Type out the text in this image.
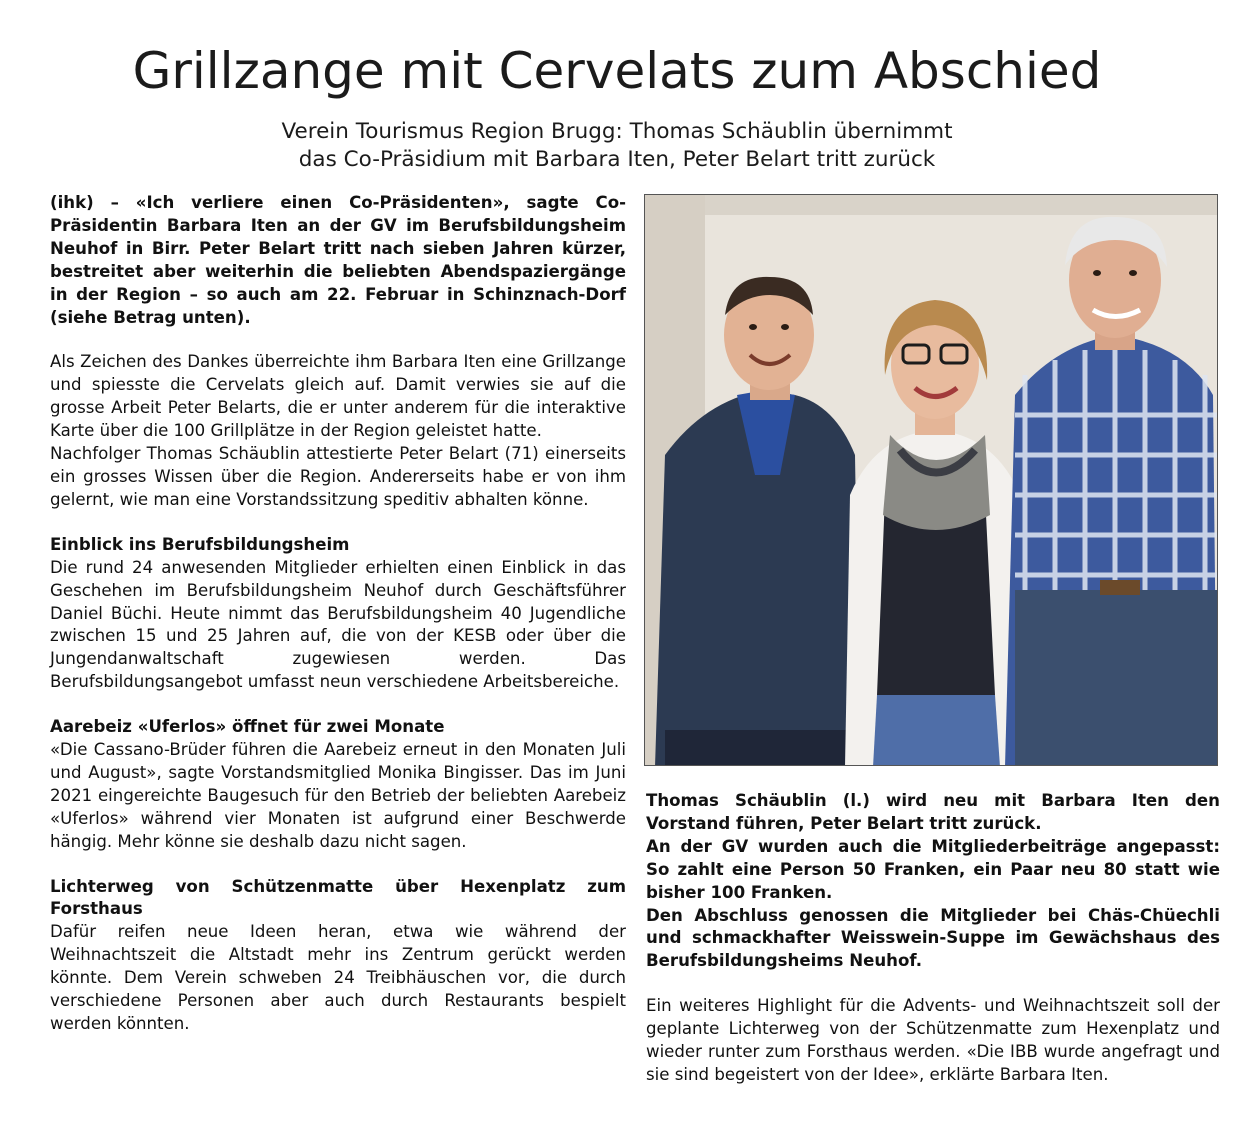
Grillzange mit Cervelats zum Abschied
Verein Tourismus Region Brugg: Thomas Schäublin übernimmt
das Co-Präsidium mit Barbara Iten, Peter Belart tritt zurück

(ihk) – «Ich verliere einen Co-Präsidenten», sagte Co-Präsidentin Barbara Iten an der GV im Berufsbildungsheim Neuhof in Birr. Peter Belart tritt nach sieben Jahren kürzer, bestreitet aber weiterhin die beliebten Abendspaziergänge in der Region – so auch am 22. Februar in Schinznach-Dorf (siehe Betrag unten).

Als Zeichen des Dankes überreichte ihm Barbara Iten eine Grillzange und spiesste die Cervelats gleich auf. Damit verwies sie auf die grosse Arbeit Peter Belarts, die er unter anderem für die interaktive Karte über die 100 Grillplätze in der Region geleistet hatte.

Nachfolger Thomas Schäublin attestierte Peter Belart (71) einerseits ein grosses Wissen über die Region. Andererseits habe er von ihm gelernt, wie man eine Vorstandssitzung speditiv abhalten könne.

Einblick ins Berufsbildungsheim

Die rund 24 anwesenden Mitglieder erhielten einen Einblick in das Geschehen im Berufsbildungsheim Neuhof durch Geschäftsführer Daniel Büchi. Heute nimmt das Berufsbildungsheim 40 Jugendliche zwischen 15 und 25 Jahren auf, die von der KESB oder über die Jungendanwaltschaft zugewiesen werden. Das Berufsbildungsangebot umfasst neun verschiedene Arbeitsbereiche.

Aarebeiz «Uferlos» öffnet für zwei Monate

«Die Cassano-Brüder führen die Aarebeiz erneut in den Monaten Juli und August», sagte Vorstandsmitglied Monika Bingisser. Das im Juni 2021 eingereichte Baugesuch für den Betrieb der beliebten Aarebeiz «Uferlos» während vier Monaten ist aufgrund einer Beschwerde hängig. Mehr könne sie deshalb dazu nicht sagen.

Lichterweg von Schützenmatte über Hexenplatz zum Forsthaus

Dafür reifen neue Ideen heran, etwa wie während der Weihnachtszeit die Altstadt mehr ins Zentrum gerückt werden könnte. Dem Verein schweben 24 Treibhäuschen vor, die durch verschiedene Personen aber auch durch Restaurants bespielt werden könnten.

Thomas Schäublin (l.) wird neu mit Barbara Iten den Vorstand führen, Peter Belart tritt zurück.

An der GV wurden auch die Mitgliederbeiträge angepasst: So zahlt eine Person 50 Franken, ein Paar neu 80 statt wie bisher 100 Franken.

Den Abschluss genossen die Mitglieder bei Chäs-Chüechli und schmackhafter Weisswein-Suppe im Gewächshaus des Berufsbildungsheims Neuhof.

Ein weiteres Highlight für die Advents- und Weihnachtszeit soll der geplante Lichterweg von der Schützenmatte zum Hexenplatz und wieder runter zum Forsthaus werden. «Die IBB wurde angefragt und sie sind begeistert von der Idee», erklärte Barbara Iten.
